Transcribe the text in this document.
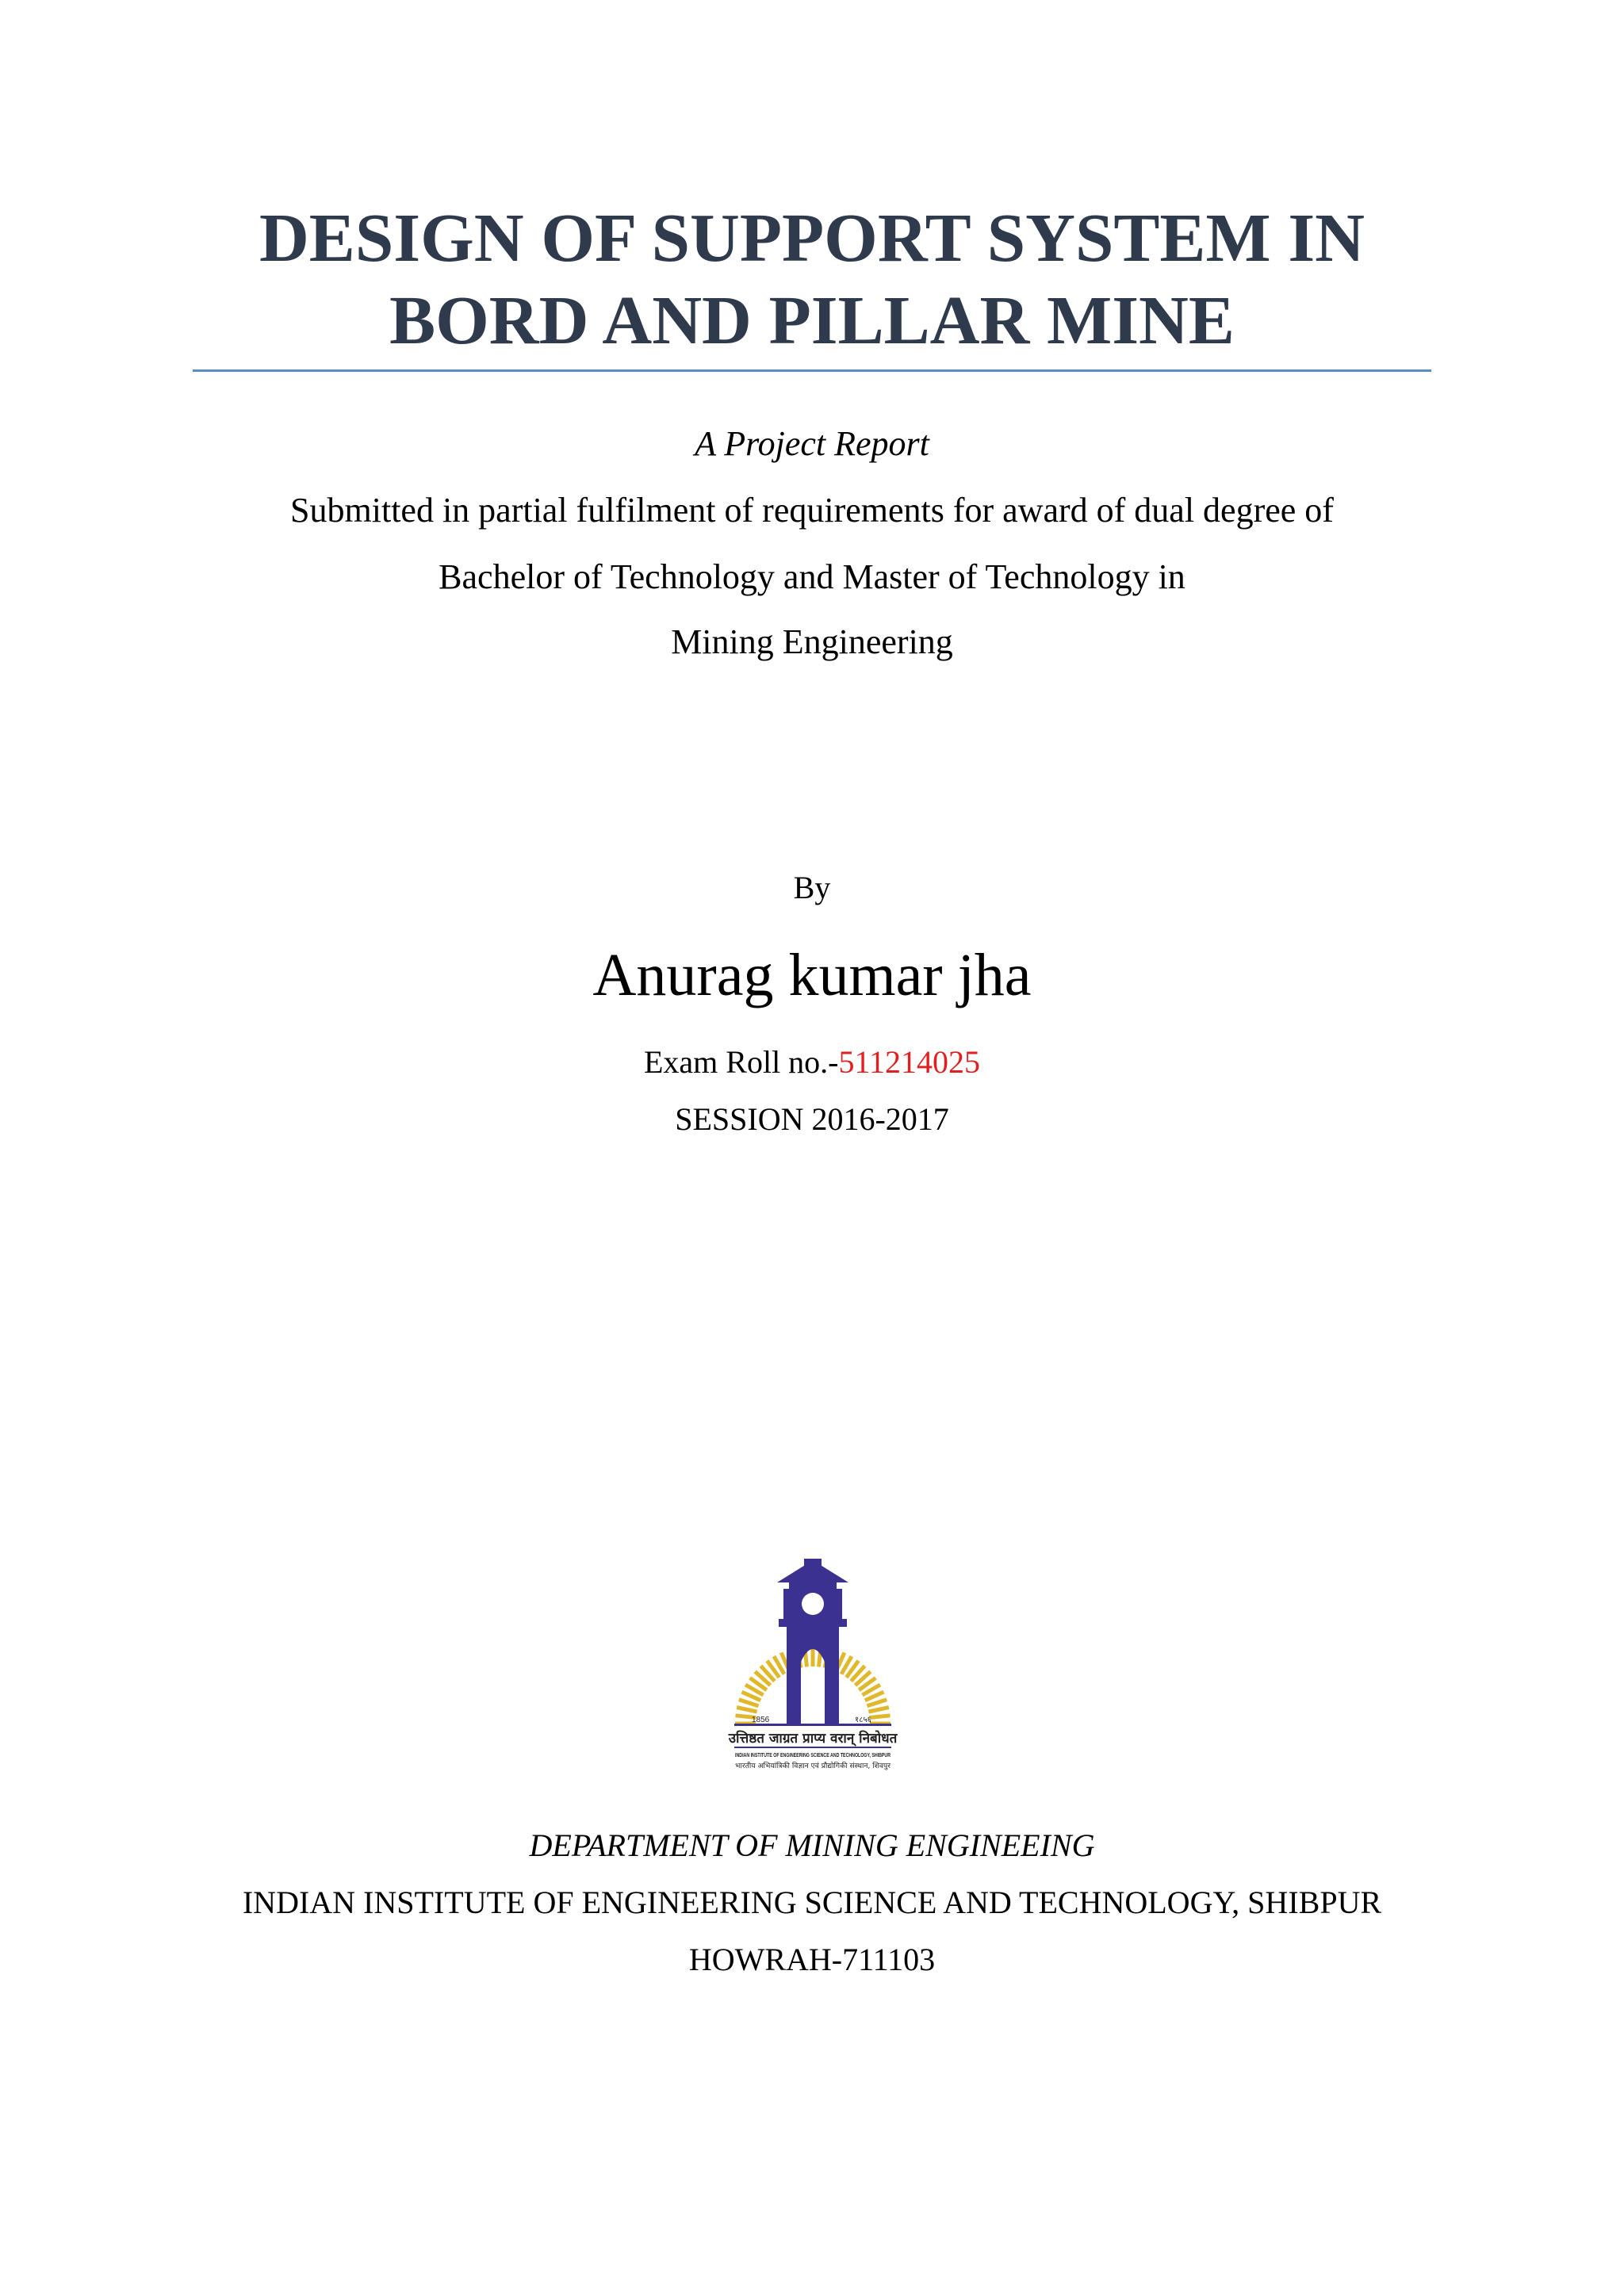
DESIGN OF SUPPORT SYSTEM IN
BORD AND PILLAR MINE
A Project Report
Submitted in partial fulfilment of requirements for award of dual degree of
Bachelor of Technology and Master of Technology in
Mining Engineering
By
Anurag kumar jha
Exam Roll no.-511214025
SESSION 2016-2017
1856	१८५६
उत्तिष्ठत जाग्रत प्राप्य वरान् निबोधत
INDIAN INSTITUTE OF ENGINEERING SCIENCE AND TECHNOLOGY, SHIBPUR
भारतीय अभियांत्रिकी विज्ञान एवं प्रौद्योगिकी संस्थान, शिवपुर
DEPARTMENT OF MINING ENGINEEING
INDIAN INSTITUTE OF ENGINEERING SCIENCE AND TECHNOLOGY, SHIBPUR
HOWRAH-711103
